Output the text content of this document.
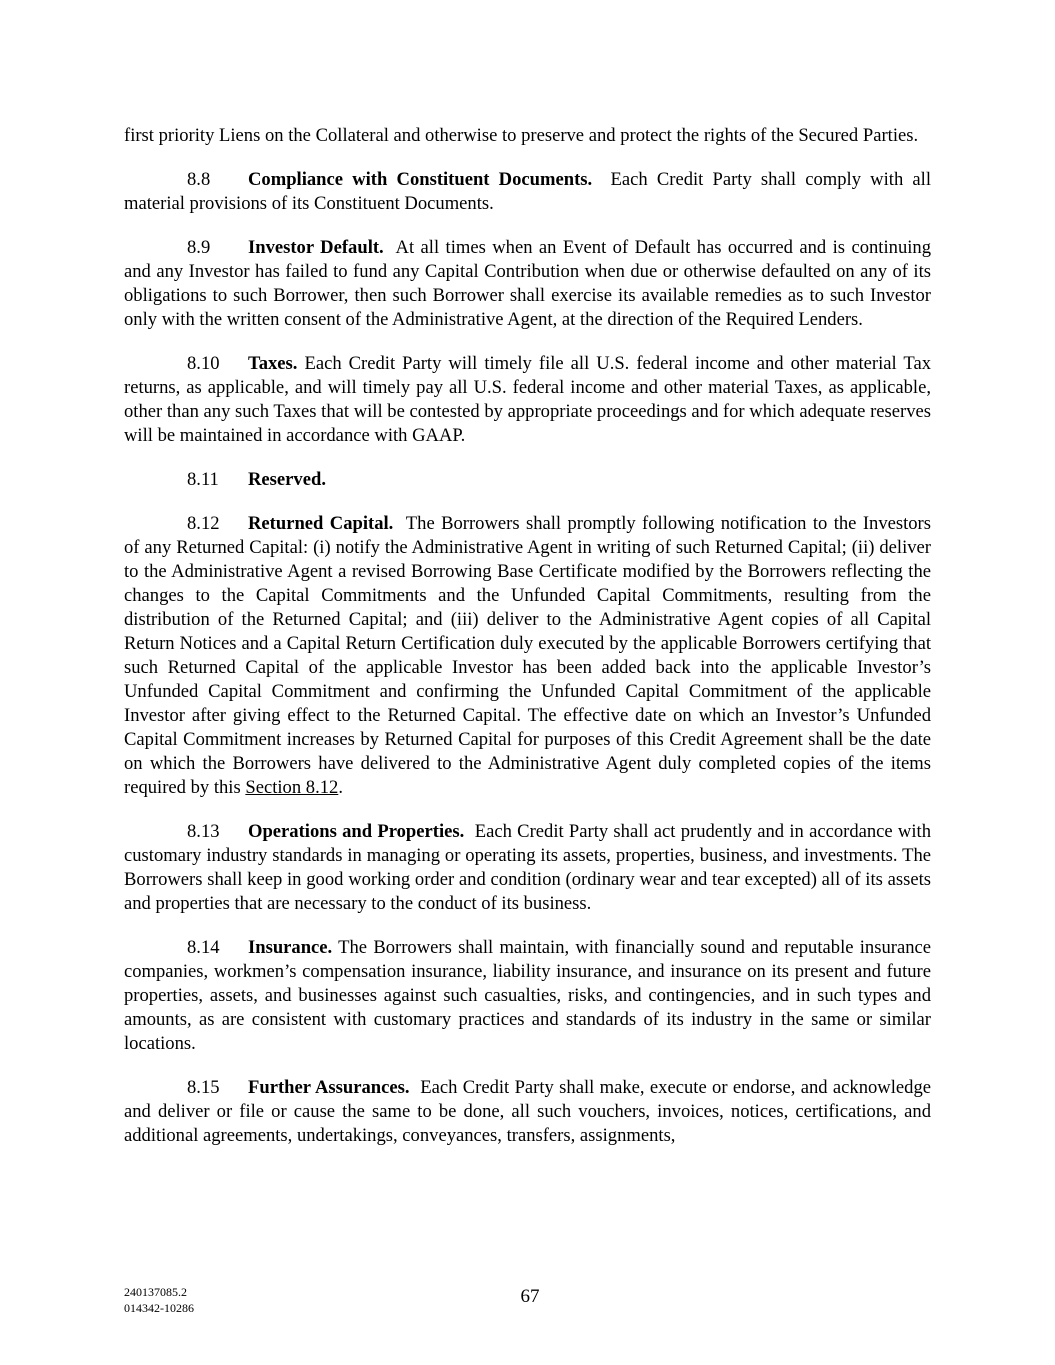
first priority Liens on the Collateral and otherwise to preserve and protect the rights of the Secured Parties.

8.8 Compliance with Constituent Documents. Each Credit Party shall comply with all material provisions of its Constituent Documents.

8.9 Investor Default. At all times when an Event of Default has occurred and is continuing and any Investor has failed to fund any Capital Contribution when due or otherwise defaulted on any of its obligations to such Borrower, then such Borrower shall exercise its available remedies as to such Investor only with the written consent of the Administrative Agent, at the direction of the Required Lenders.

8.10 Taxes. Each Credit Party will timely file all U.S. federal income and other material Tax returns, as applicable, and will timely pay all U.S. federal income and other material Taxes, as applicable, other than any such Taxes that will be contested by appropriate proceedings and for which adequate reserves will be maintained in accordance with GAAP.

8.11 Reserved.

8.12 Returned Capital. The Borrowers shall promptly following notification to the Investors of any Returned Capital: (i) notify the Administrative Agent in writing of such Returned Capital; (ii) deliver to the Administrative Agent a revised Borrowing Base Certificate modified by the Borrowers reflecting the changes to the Capital Commitments and the Unfunded Capital Commitments, resulting from the distribution of the Returned Capital; and (iii) deliver to the Administrative Agent copies of all Capital Return Notices and a Capital Return Certification duly executed by the applicable Borrowers certifying that such Returned Capital of the applicable Investor has been added back into the applicable Investor’s Unfunded Capital Commitment and confirming the Unfunded Capital Commitment of the applicable Investor after giving effect to the Returned Capital. The effective date on which an Investor’s Unfunded Capital Commitment increases by Returned Capital for purposes of this Credit Agreement shall be the date on which the Borrowers have delivered to the Administrative Agent duly completed copies of the items required by this Section 8.12.

8.13 Operations and Properties. Each Credit Party shall act prudently and in accordance with customary industry standards in managing or operating its assets, properties, business, and investments. The Borrowers shall keep in good working order and condition (ordinary wear and tear excepted) all of its assets and properties that are necessary to the conduct of its business.

8.14 Insurance. The Borrowers shall maintain, with financially sound and reputable insurance companies, workmen’s compensation insurance, liability insurance, and insurance on its present and future properties, assets, and businesses against such casualties, risks, and contingencies, and in such types and amounts, as are consistent with customary practices and standards of its industry in the same or similar locations.

8.15 Further Assurances. Each Credit Party shall make, execute or endorse, and acknowledge and deliver or file or cause the same to be done, all such vouchers, invoices, notices, certifications, and additional agreements, undertakings, conveyances, transfers, assignments,

240137085.2
014342-10286
67
